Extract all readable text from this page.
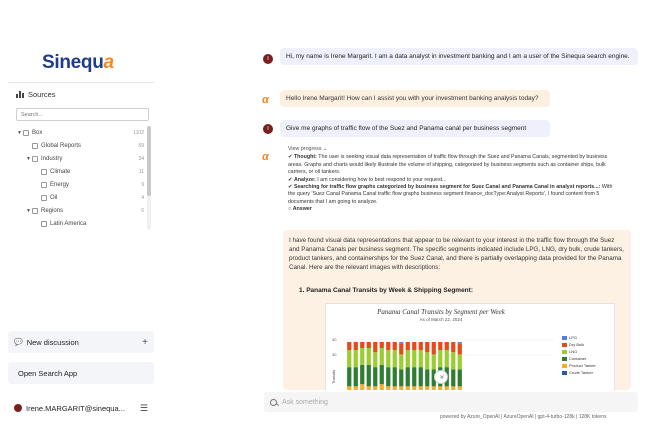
Sinequa
Sources
Search...
▼ Box	1102
Global Reports	59
▼ Industry	34
Climate	11
Energy	9
Oil	4
▼ Regions	6
Latin America
💬 New discussion	+
Open Search App
Irene.MARGARIT@sinequa... ☰
I	Hi, my name is Irene Margarit. I am a data analyst in investment banking and I am a user of the Sinequa search engine.
α	Hello Irene Margarit! How can I assist you with your investment banking analysis today?
I	Give me graphs of traffic flow of the Suez and Panama canal per business segment
α
View progress ⌄
✔ Thought: The user is seeking visual data representation of traffic flow through the Suez and Panama Canals, segmented by business areas. Graphs and charts would likely illustrate the volume of shipping, categorized by business segments such as container ships, bulk carriers, or oil tankers.
✔ Analyze: I am considering how to best respond to your request...
✔ Searching for traffic flow graphs categorized by business segment for Suez Canal and Panama Canal in analyst reports...: With the query 'Suez Canal Panama Canal traffic flow graphs business segment finance_docType:Analyst Reports', I found content from 5 documents that I am going to analyze.
○ Answer
I have found visual data representations that appear to be relevant to your interest in the traffic flow through the Suez and Panama Canals per business segment. The specific segments indicated include LPG, LNG, dry bulk, crude tankers, product tankers, and containerships for the Suez Canal, and there is partially overlapping data provided for the Panama Canal. Here are the relevant images with descriptions:
1. Panama Canal Transits by Week & Shipping Segment:
Panama Canal Transits by Segment per Week
As of March 22, 2024
40
30
Transits
LPG
Dry Bulk
LNG
Container
Product Tanker
Crude Tanker
»
Ask something
powered by Azure_OpenAI | AzureOpenAI | gpt-4-turbo-128k | 128K tokens
